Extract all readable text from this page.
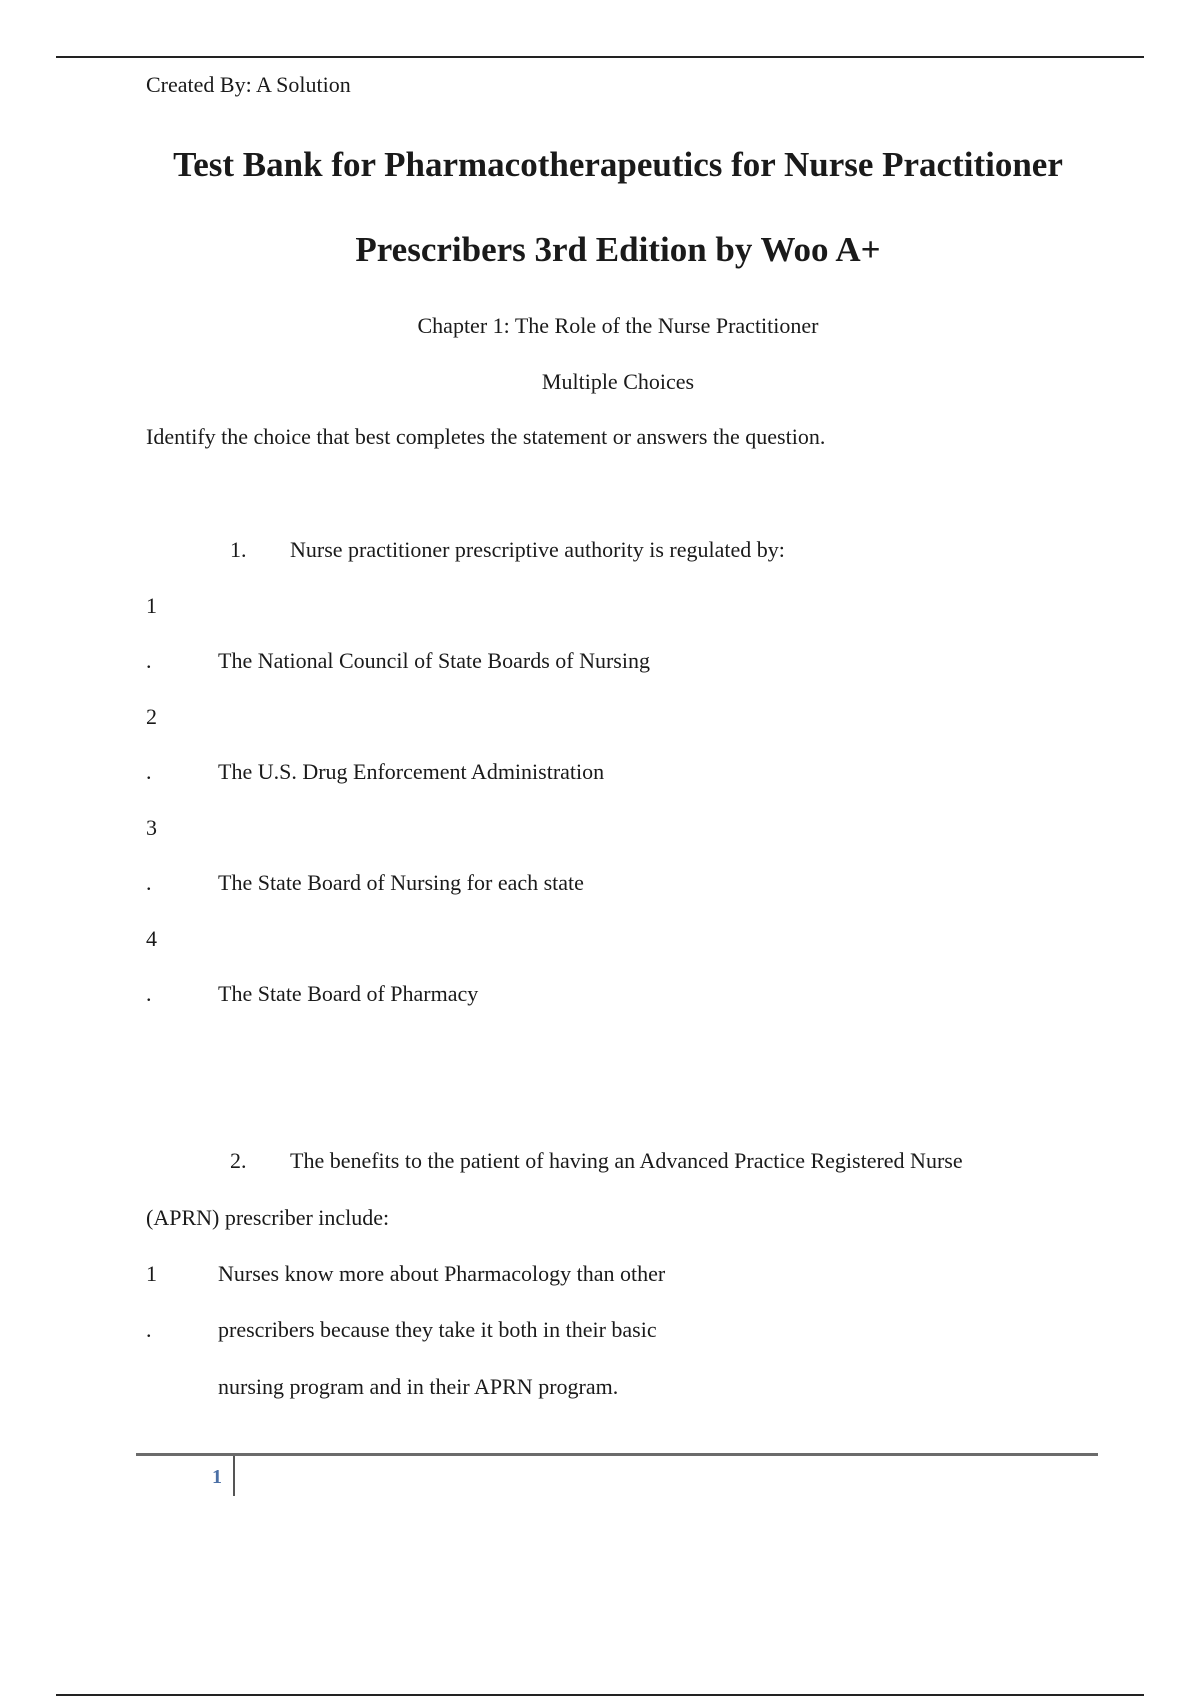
Created By: A Solution
Test Bank for Pharmacotherapeutics for Nurse Practitioner
Prescribers 3rd Edition by Woo A+
Chapter 1: The Role of the Nurse Practitioner
Multiple Choices
Identify the choice that best completes the statement or answers the question.
1. Nurse practitioner prescriptive authority is regulated by:
1
.	The National Council of State Boards of Nursing
2
.	The U.S. Drug Enforcement Administration
3
.	The State Board of Nursing for each state
4
.	The State Board of Pharmacy
2. The benefits to the patient of having an Advanced Practice Registered Nurse
(APRN) prescriber include:
1
.
Nurses know more about Pharmacology than other
prescribers because they take it both in their basic
nursing program and in their APRN program.
1
